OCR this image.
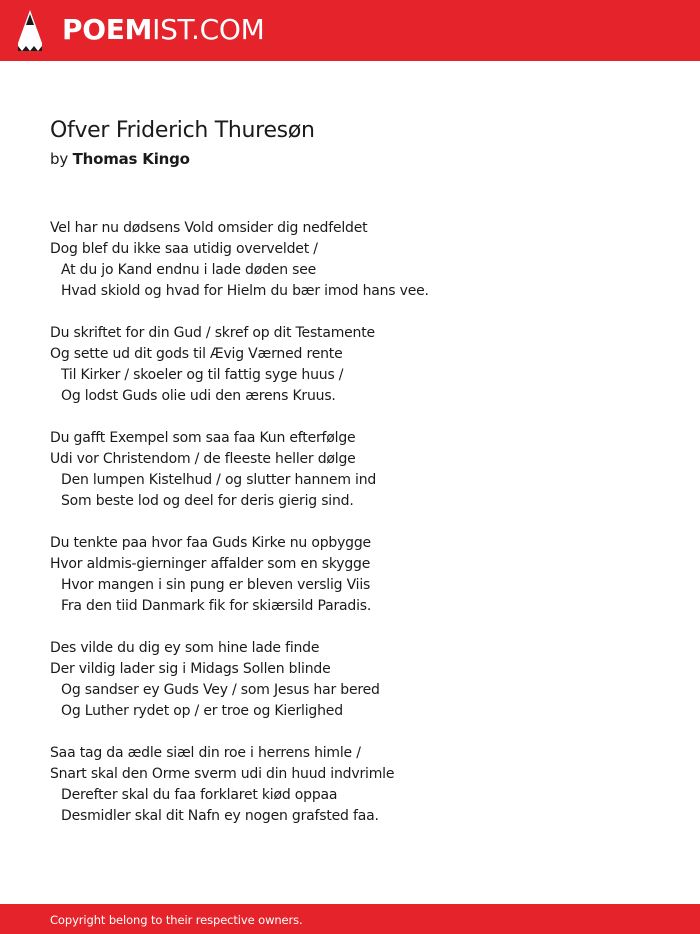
POEMIST.COM
Ofver Friderich Thuresøn
by Thomas Kingo
Vel har nu dødsens Vold omsider dig nedfeldet
Dog blef du ikke saa utidig overveldet /
At du jo Kand endnu i lade døden see
Hvad skiold og hvad for Hielm du bær imod hans vee.
Du skriftet for din Gud / skref op dit Testamente
Og sette ud dit gods til Ævig Værned rente
Til Kirker / skoeler og til fattig syge huus /
Og lodst Guds olie udi den ærens Kruus.
Du gafft Exempel som saa faa Kun efterfølge
Udi vor Christendom / de fleeste heller dølge
Den lumpen Kistelhud / og slutter hannem ind
Som beste lod og deel for deris gierig sind.
Du tenkte paa hvor faa Guds Kirke nu opbygge
Hvor aldmis-gierninger affalder som en skygge
Hvor mangen i sin pung er bleven verslig Viis
Fra den tiid Danmark fik for skiærsild Paradis.
Des vilde du dig ey som hine lade finde
Der vildig lader sig i Midags Sollen blinde
Og sandser ey Guds Vey / som Jesus har bered
Og Luther rydet op / er troe og Kierlighed
Saa tag da ædle siæl din roe i herrens himle /
Snart skal den Orme sverm udi din huud indvrimle
Derefter skal du faa forklaret kiød oppaa
Desmidler skal dit Nafn ey nogen grafsted faa.
Copyright belong to their respective owners.
